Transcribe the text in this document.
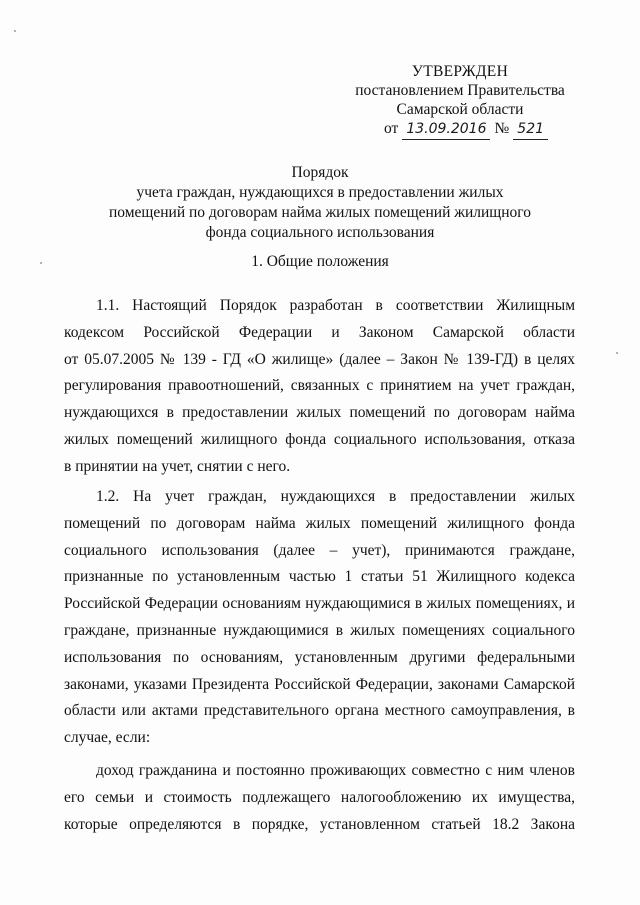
УТВЕРЖДЕН
постановлением Правительства
Самарской области
от 13.09.2016 № 521
Порядок
учета граждан, нуждающихся в предоставлении жилых
помещений по договорам найма жилых помещений жилищного
фонда социального использования
1. Общие положения
1.1. Настоящий Порядок разработан в соответствии Жилищным
кодексом Российской Федерации и Законом Самарской области
от 05.07.2005 № 139 - ГД «О жилище» (далее – Закон № 139-ГД) в целях
регулирования правоотношений, связанных с принятием на учет граждан,
нуждающихся в предоставлении жилых помещений по договорам найма
жилых помещений жилищного фонда социального использования, отказа
в принятии на учет, снятии с него.
1.2. На учет граждан, нуждающихся в предоставлении жилых
помещений по договорам найма жилых помещений жилищного фонда
социального использования (далее – учет), принимаются граждане,
признанные по установленным частью 1 статьи 51 Жилищного кодекса
Российской Федерации основаниям нуждающимися в жилых помещениях, и
граждане, признанные нуждающимися в жилых помещениях социального
использования по основаниям, установленным другими федеральными
законами, указами Президента Российской Федерации, законами Самарской
области или актами представительного органа местного самоуправления, в
случае, если:
доход гражданина и постоянно проживающих совместно с ним членов
его семьи и стоимость подлежащего налогообложению их имущества,
которые определяются в порядке, установленном статьей 18.2 Закона
